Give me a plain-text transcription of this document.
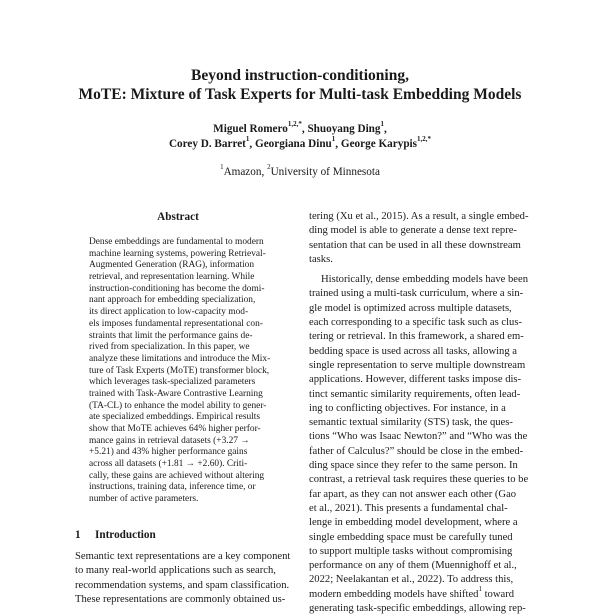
Beyond instruction-conditioning,
MoTE: Mixture of Task Experts for Multi-task Embedding Models
Miguel Romero$^{1,2,*}$, Shuoyang Ding$^1$,
Corey D. Barret$^1$, Georgiana Dinu$^1$, George Karypis$^{1,2,*}$
$^1$Amazon, $^2$University of Minnesota
Abstract
Dense embeddings are fundamental to modern
machine learning systems, powering Retrieval-
Augmented Generation (RAG), information
retrieval, and representation learning. While
instruction-conditioning has become the domi-
nant approach for embedding specialization,
its direct application to low-capacity mod-
els imposes fundamental representational con-
straints that limit the performance gains de-
rived from specialization. In this paper, we
analyze these limitations and introduce the Mix-
ture of Task Experts (MoTE) transformer block,
which leverages task-specialized parameters
trained with Task-Aware Contrastive Learning
(TA-CL) to enhance the model ability to gener-
ate specialized embeddings. Empirical results
show that MoTE achieves 64% higher perfor-
mance gains in retrieval datasets (+3.27 →
+5.21) and 43% higher performance gains
across all datasets (+1.81 → +2.60). Criti-
cally, these gains are achieved without altering
instructions, training data, inference time, or
number of active parameters.
1 Introduction
Semantic text representations are a key component
to many real-world applications such as search,
recommendation systems, and spam classification.
These representations are commonly obtained us-
tering (Xu et al., 2015). As a result, a single embed-
ding model is able to generate a dense text repre-
sentation that can be used in all these downstream
tasks.
Historically, dense embedding models have been
trained using a multi-task curriculum, where a sin-
gle model is optimized across multiple datasets,
each corresponding to a specific task such as clus-
tering or retrieval. In this framework, a shared em-
bedding space is used across all tasks, allowing a
single representation to serve multiple downstream
applications. However, different tasks impose dis-
tinct semantic similarity requirements, often lead-
ing to conflicting objectives. For instance, in a
semantic textual similarity (STS) task, the ques-
tions “Who was Isaac Newton?” and “Who was the
father of Calculus?” should be close in the embed-
ding space since they refer to the same person. In
contrast, a retrieval task requires these queries to be
far apart, as they can not answer each other (Gao
et al., 2021). This presents a fundamental chal-
lenge in embedding model development, where a
single embedding space must be carefully tuned
to support multiple tasks without compromising
performance on any of them (Muennighoff et al.,
2022; Neelakantan et al., 2022). To address this,
modern embedding models have shifted$^1$ toward
generating task-specific embeddings, allowing rep-
